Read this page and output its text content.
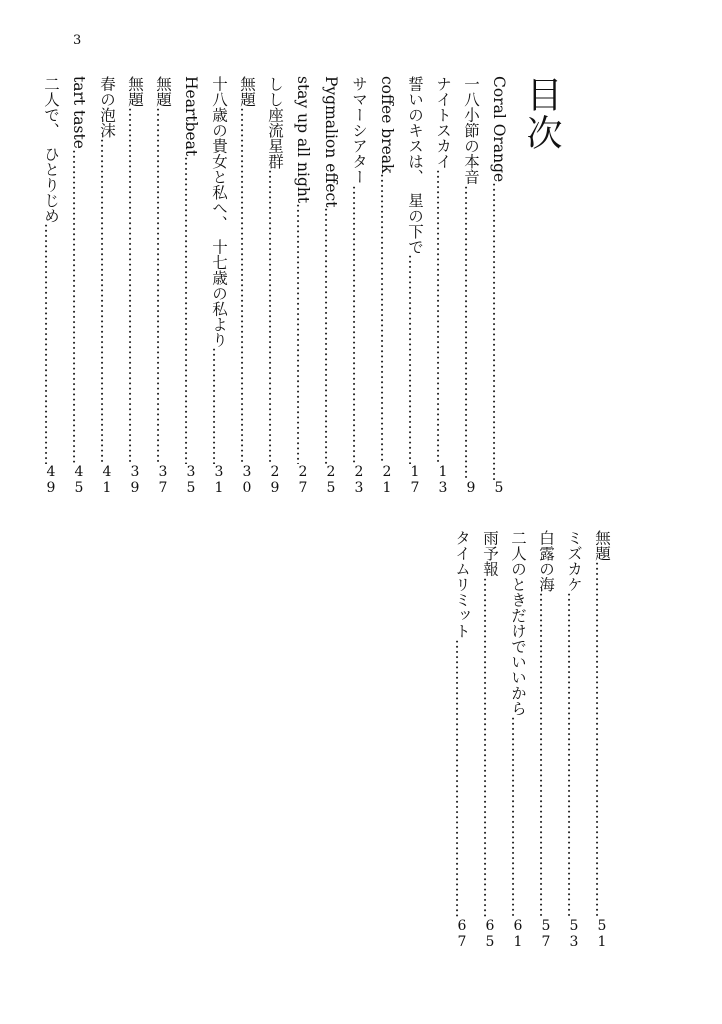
3
目次
Coral Orange
………………………………………………………………………………………………………………………………………………………………
5
一八小節の本音
………………………………………………………………………………………………………………………………………………………………
9
ナイトスカイ
………………………………………………………………………………………………………………………………………………………………
13
誓いのキスは、　星の下で
………………………………………………………………………………………………………………………………………………………………
17
coffee break
………………………………………………………………………………………………………………………………………………………………
21
サマーシアター
………………………………………………………………………………………………………………………………………………………………
23
Pygmalion effect
………………………………………………………………………………………………………………………………………………………………
25
stay up all night
………………………………………………………………………………………………………………………………………………………………
27
しし座流星群
………………………………………………………………………………………………………………………………………………………………
29
無題
………………………………………………………………………………………………………………………………………………………………
30
十八歳の貴女と私へ、　十七歳の私より
………………………………………………………………………………………………………………………………………………………………
31
Heartbeat
………………………………………………………………………………………………………………………………………………………………
35
無題
………………………………………………………………………………………………………………………………………………………………
37
無題
………………………………………………………………………………………………………………………………………………………………
39
春の泡沫
………………………………………………………………………………………………………………………………………………………………
41
tart taste
………………………………………………………………………………………………………………………………………………………………
45
二人で、　ひとりじめ
………………………………………………………………………………………………………………………………………………………………
49
無題
………………………………………………………………………………………………………………………………………………………………
51
ミズカケ
………………………………………………………………………………………………………………………………………………………………
53
白露の海
………………………………………………………………………………………………………………………………………………………………
57
二人のときだけでいいから
………………………………………………………………………………………………………………………………………………………………
61
雨予報
………………………………………………………………………………………………………………………………………………………………
65
タイムリミット
………………………………………………………………………………………………………………………………………………………………
67
